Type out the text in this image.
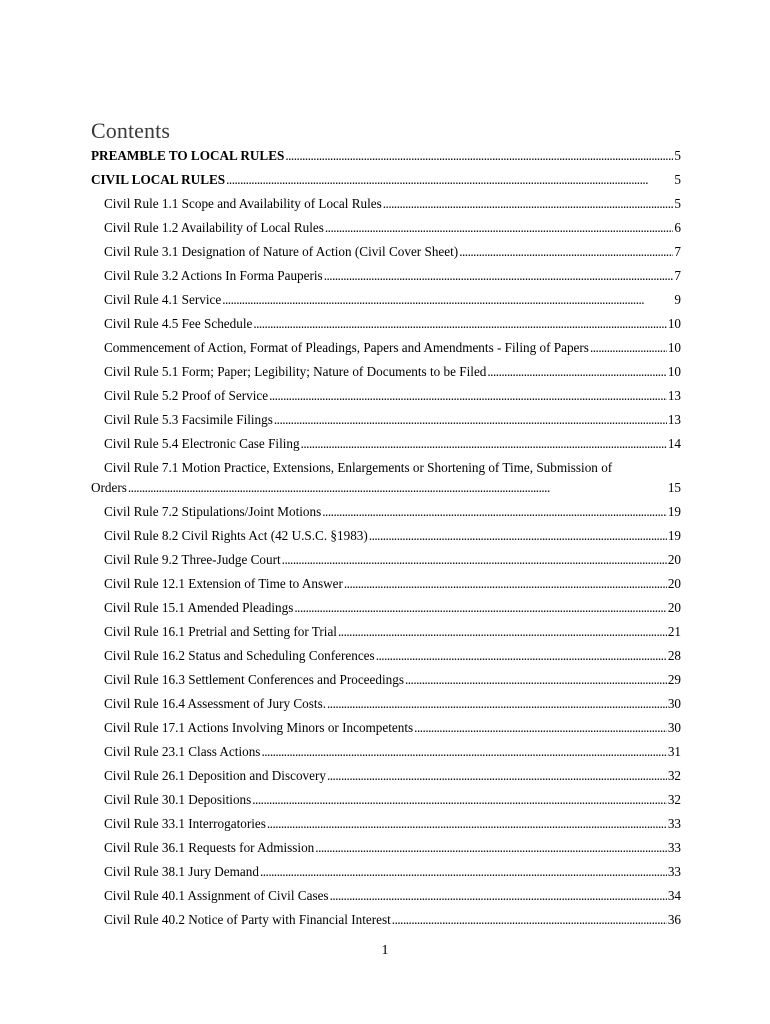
Contents
PREAMBLE TO LOCAL RULES . . .	5
CIVIL LOCAL RULES . . .	5
Civil Rule 1.1 Scope and Availability of Local Rules . . .	5
Civil Rule 1.2 Availability of Local Rules . . .	6
Civil Rule 3.1 Designation of Nature of Action (Civil Cover Sheet) . . .	7
Civil Rule 3.2 Actions In Forma Pauperis . . .	7
Civil Rule 4.1 Service . . .	9
Civil Rule 4.5 Fee Schedule . . .	10
Commencement of Action, Format of Pleadings, Papers and Amendments - Filing of Papers . . .	10
Civil Rule 5.1 Form; Paper; Legibility; Nature of Documents to be Filed . . .	10
Civil Rule 5.2 Proof of Service . . .	13
Civil Rule 5.3 Facsimile Filings . . .	13
Civil Rule 5.4 Electronic Case Filing . . .	14
Civil Rule 7.1 Motion Practice, Extensions, Enlargements or Shortening of Time, Submission of
Orders . . .	15
Civil Rule 7.2 Stipulations/Joint Motions . . .	19
Civil Rule 8.2 Civil Rights Act (42 U.S.C. §1983) . . .	19
Civil Rule 9.2 Three-Judge Court . . .	20
Civil Rule 12.1 Extension of Time to Answer . . .	20
Civil Rule 15.1 Amended Pleadings . . .	20
Civil Rule 16.1 Pretrial and Setting for Trial . . .	21
Civil Rule 16.2 Status and Scheduling Conferences . . .	28
Civil Rule 16.3 Settlement Conferences and Proceedings . . .	29
Civil Rule 16.4 Assessment of Jury Costs. . . .	30
Civil Rule 17.1 Actions Involving Minors or Incompetents . . .	30
Civil Rule 23.1 Class Actions . . .	31
Civil Rule 26.1 Deposition and Discovery . . .	32
Civil Rule 30.1 Depositions . . .	32
Civil Rule 33.1 Interrogatories . . .	33
Civil Rule 36.1 Requests for Admission . . .	33
Civil Rule 38.1 Jury Demand . . .	33
Civil Rule 40.1 Assignment of Civil Cases . . .	34
Civil Rule 40.2 Notice of Party with Financial Interest . . .	36
1
